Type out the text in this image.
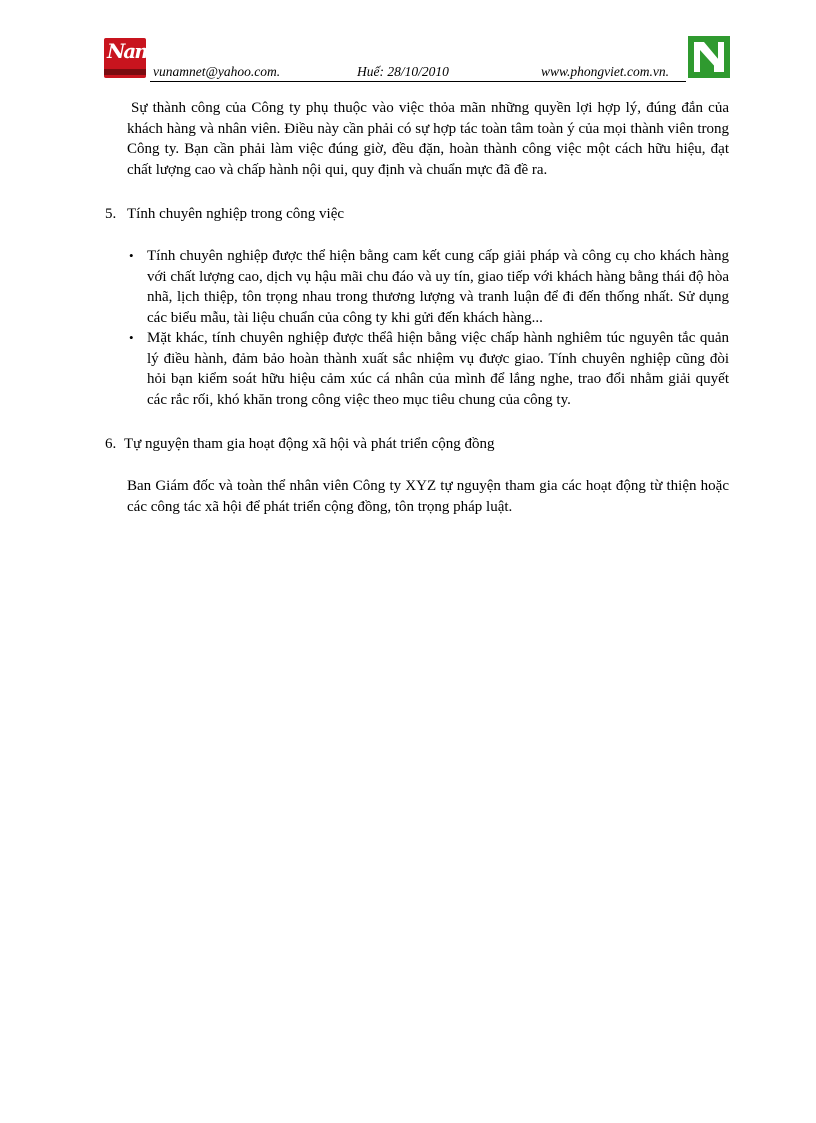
Nam
vunamnet@yahoo.com.	Huế: 28/10/2010	www.phongviet.com.vn.

Sự thành công của Công ty phụ thuộc vào việc thỏa mãn những quyền lợi hợp lý, đúng đắn của khách hàng và nhân viên. Điều này cần phải có sự hợp tác toàn tâm toàn ý của mọi thành viên trong Công ty. Bạn cần phải làm việc đúng giờ, đều đặn, hoàn thành công việc một cách hữu hiệu, đạt chất lượng cao và chấp hành nội qui, quy định và chuẩn mực đã đề ra.

5. Tính chuyên nghiệp trong công việc
• Tính chuyên nghiệp được thể hiện bằng cam kết cung cấp giải pháp và công cụ cho khách hàng với chất lượng cao, dịch vụ hậu mãi chu đáo và uy tín, giao tiếp với khách hàng bằng thái độ hòa nhã, lịch thiệp, tôn trọng nhau trong thương lượng và tranh luận để đi đến thống nhất. Sử dụng các biểu mẫu, tài liệu chuẩn của công ty khi gửi đến khách hàng...
• Mặt khác, tính chuyên nghiệp được thểâ hiện bằng việc chấp hành nghiêm túc nguyên tắc quản lý điều hành, đảm bảo hoàn thành xuất sắc nhiệm vụ được giao. Tính chuyên nghiệp cũng đòi hỏi bạn kiểm soát hữu hiệu cảm xúc cá nhân của mình để lắng nghe, trao đổi nhằm giải quyết các rắc rối, khó khăn trong công việc theo mục tiêu chung của công ty.
6. Tự nguyện tham gia hoạt động xã hội và phát triển cộng đồng

Ban Giám đốc và toàn thể nhân viên Công ty XYZ tự nguyện tham gia các hoạt động từ thiện hoặc các công tác xã hội để phát triển cộng đồng, tôn trọng pháp luật.
